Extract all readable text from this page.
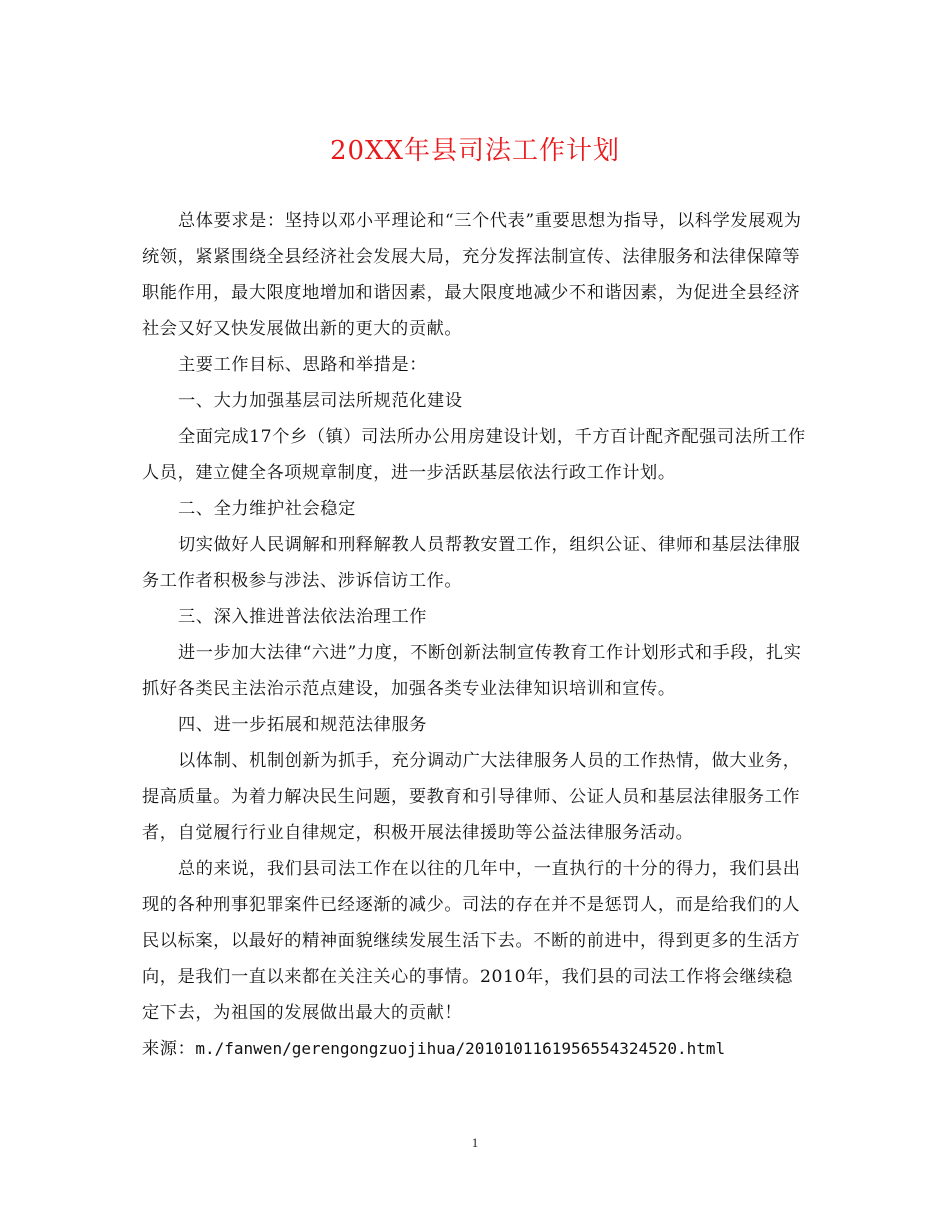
20XX年县司法工作计划

总体要求是：坚持以邓小平理论和“三个代表”重要思想为指导，以科学发展观为统领，紧紧围绕全县经济社会发展大局，充分发挥法制宣传、法律服务和法律保障等职能作用，最大限度地增加和谐因素，最大限度地减少不和谐因素，为促进全县经济社会又好又快发展做出新的更大的贡献。

主要工作目标、思路和举措是：

一、大力加强基层司法所规范化建设

全面完成17个乡（镇）司法所办公用房建设计划，千方百计配齐配强司法所工作人员，建立健全各项规章制度，进一步活跃基层依法行政工作计划。

二、全力维护社会稳定

切实做好人民调解和刑释解教人员帮教安置工作，组织公证、律师和基层法律服务工作者积极参与涉法、涉诉信访工作。

三、深入推进普法依法治理工作

进一步加大法律“六进”力度，不断创新法制宣传教育工作计划形式和手段，扎实抓好各类民主法治示范点建设，加强各类专业法律知识培训和宣传。

四、进一步拓展和规范法律服务

以体制、机制创新为抓手，充分调动广大法律服务人员的工作热情，做大业务，提高质量。为着力解决民生问题，要教育和引导律师、公证人员和基层法律服务工作者，自觉履行行业自律规定，积极开展法律援助等公益法律服务活动。

总的来说，我们县司法工作在以往的几年中，一直执行的十分的得力，我们县出现的各种刑事犯罪案件已经逐渐的减少。司法的存在并不是惩罚人，而是给我们的人民以标案，以最好的精神面貌继续发展生活下去。不断的前进中，得到更多的生活方向，是我们一直以来都在关注关心的事情。2010年，我们县的司法工作将会继续稳定下去，为祖国的发展做出最大的贡献！

来源：m./fanwen/gerengongzuojihua/20101011619565543245​20.html

1
